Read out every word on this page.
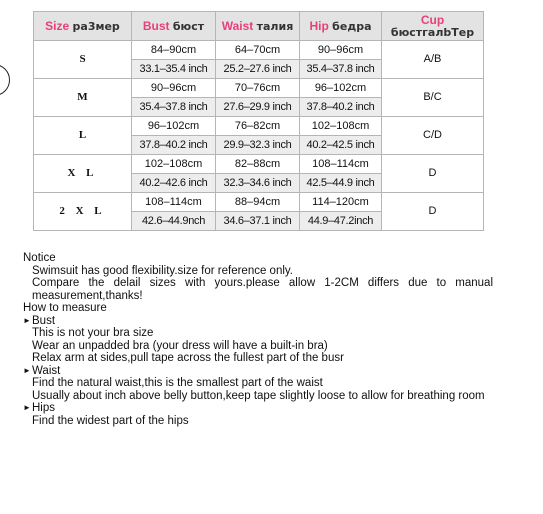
Size ра3мер	Bust бюст	Waist талия	Hip бедра	Cup бюстгалbТер
S	84–90cm	64–70cm	90–96cm	A/B
	33.1–35.4 inch	25.2–27.6 inch	35.4–37.8 inch	
M	90–96cm	70–76cm	96–102cm	B/C
	35.4–37.8 inch	27.6–29.9 inch	37.8–40.2 inch	
L	96–102cm	76–82cm	102–108cm	C/D
	37.8–40.2 inch	29.9–32.3 inch	40.2–42.5 inch	
X L	102–108cm	82–88cm	108–114cm	D
	40.2–42.6 inch	32.3–34.6 inch	42.5–44.9 inch	
2 X L	108–114cm	88–94cm	114–120cm	D
	42.6–44.9nch	34.6–37.1 inch	44.9–47.2inch	

Notice

Swimsuit has good flexibility.size for reference only.

Compare the delail sizes with yours.please allow 1-2CM differs due to manual measurement,thanks!

How to measure

►Bust

This is not your bra size

Wear an unpadded bra (your dress will have a built-in bra)

Relax arm at sides,pull tape across the fullest part of the busr

►Waist

Find the natural waist,this is the smallest part of the waist

Usually about inch above belly button,keep tape slightly loose to allow for breathing room

►Hips

Find the widest part of the hips
